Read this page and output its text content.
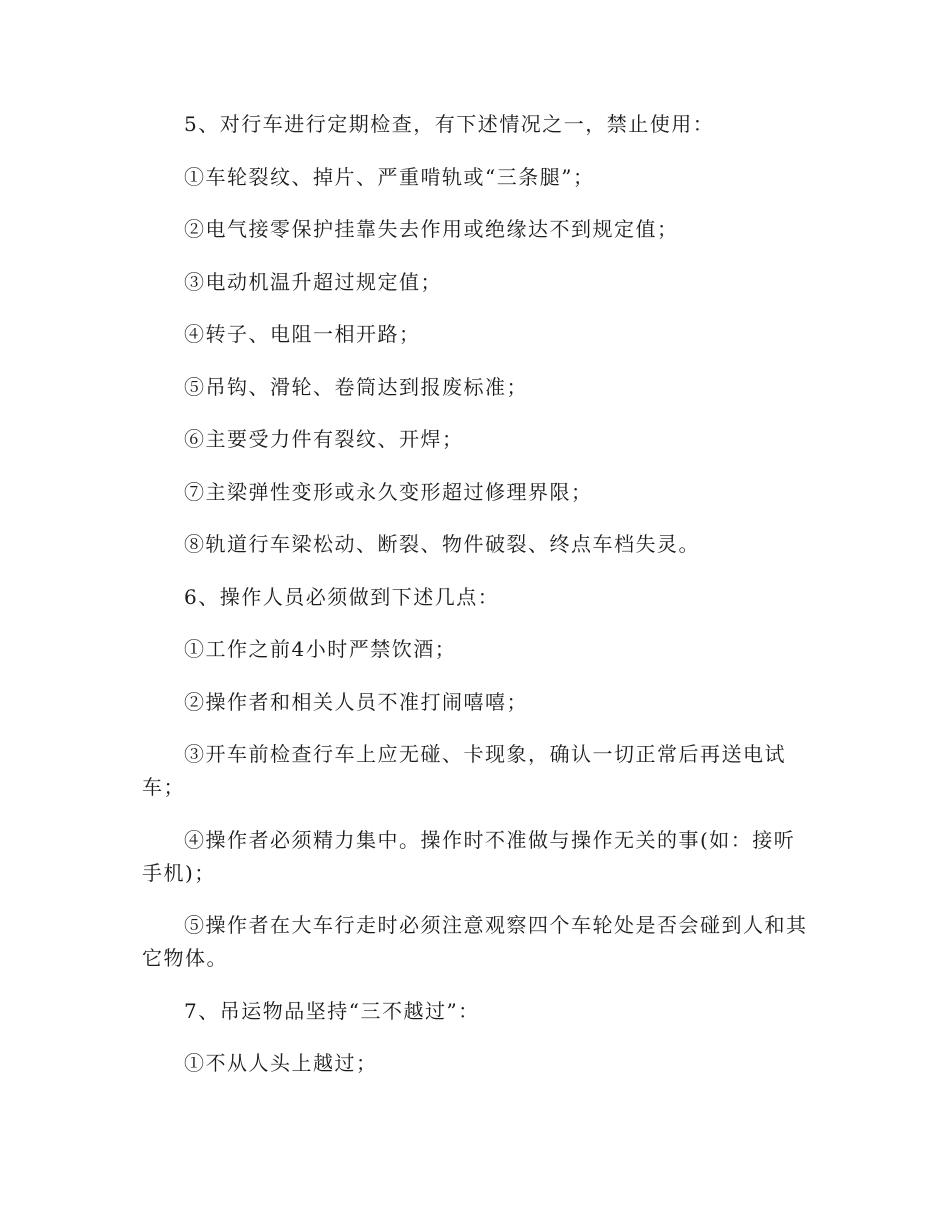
5、对行车进行定期检查，有下述情况之一，禁止使用：

①车轮裂纹、掉片、严重啃轨或“三条腿”；

②电气接零保护挂靠失去作用或绝缘达不到规定值；

③电动机温升超过规定值；

④转子、电阻一相开路；

⑤吊钩、滑轮、卷筒达到报废标准；

⑥主要受力件有裂纹、开焊；

⑦主梁弹性变形或永久变形超过修理界限；

⑧轨道行车梁松动、断裂、物件破裂、终点车档失灵。

6、操作人员必须做到下述几点：

①工作之前4小时严禁饮酒；

②操作者和相关人员不准打闹嘻嘻；

③开车前检查行车上应无碰、卡现象，确认一切正常后再送电试车；

④操作者必须精力集中。操作时不准做与操作无关的事(如：接听手机)；

⑤操作者在大车行走时必须注意观察四个车轮处是否会碰到人和其它物体。

7、吊运物品坚持“三不越过”：

①不从人头上越过；
